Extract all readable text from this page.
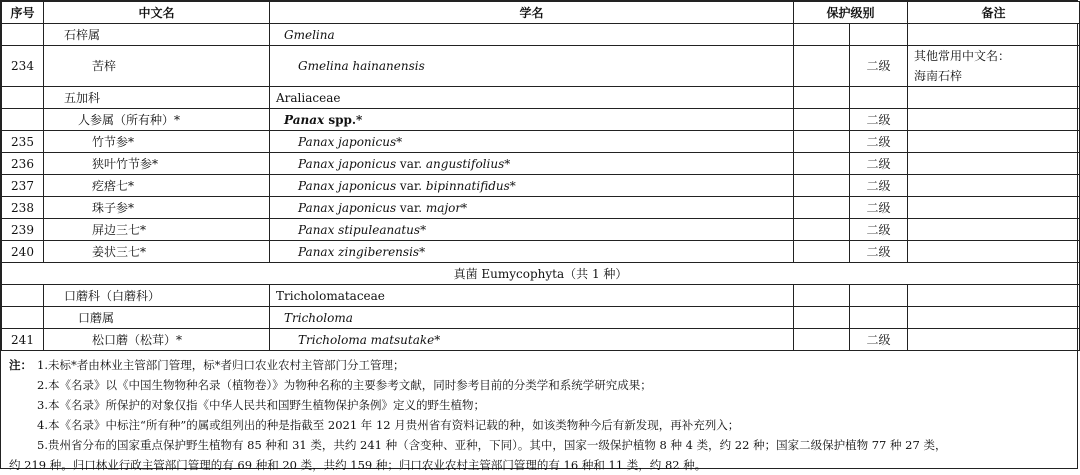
序号	中文名	学名	保护级别		备注
	石梓属	Gmelina			
234	苦梓	Gmelina hainanensis		二级	其他常用中文名：
海南石梓

	五加科	Araliaceae			
	人参属（所有种）*	Panax spp.*		二级	
235	竹节参*	Panax japonicus*		二级	
236	狭叶竹节参*	Panax japonicus var. angustifolius*		二级	
237	疙瘩七*	Panax japonicus var. bipinnatifidus*		二级	
238	珠子参*	Panax japonicus var. major*		二级	
239	屏边三七*	Panax stipuleanatus*		二级	
240	姜状三七*	Panax zingiberensis*		二级	
真菌 Eumycophyta（共 1 种）					
	口蘑科（白蘑科）	Tricholomataceae			
	口蘑属	Tricholoma			
241	松口蘑（松茸）*	Tricholoma matsutake*		二级	
注： 1.未标*者由林业主管部门管理，标*者归口农业农村主管部门分工管理；
2.本《名录》以《中国生物物种名录（植物卷）》为物种名称的主要参考文献，同时参考目前的分类学和系统学研究成果；
3.本《名录》所保护的对象仅指《中华人民共和国野生植物保护条例》定义的野生植物；
4.本《名录》中标注“所有种”的属或组列出的种是指截至 2021 年 12 月贵州省有资料记载的种，如该类物种今后有新发现，再补充列入；
5.贵州省分布的国家重点保护野生植物有 85 种和 31 类，共约 241 种（含变种、亚种，下同）。其中，国家一级保护植物 8 种 4 类，约 22 种；国家二级保护植物 77 种 27 类，
约 219 种。归口林业行政主管部门管理的有 69 种和 20 类，共约 159 种；归口农业农村主管部门管理的有 16 种和 11 类，约 82 种。
